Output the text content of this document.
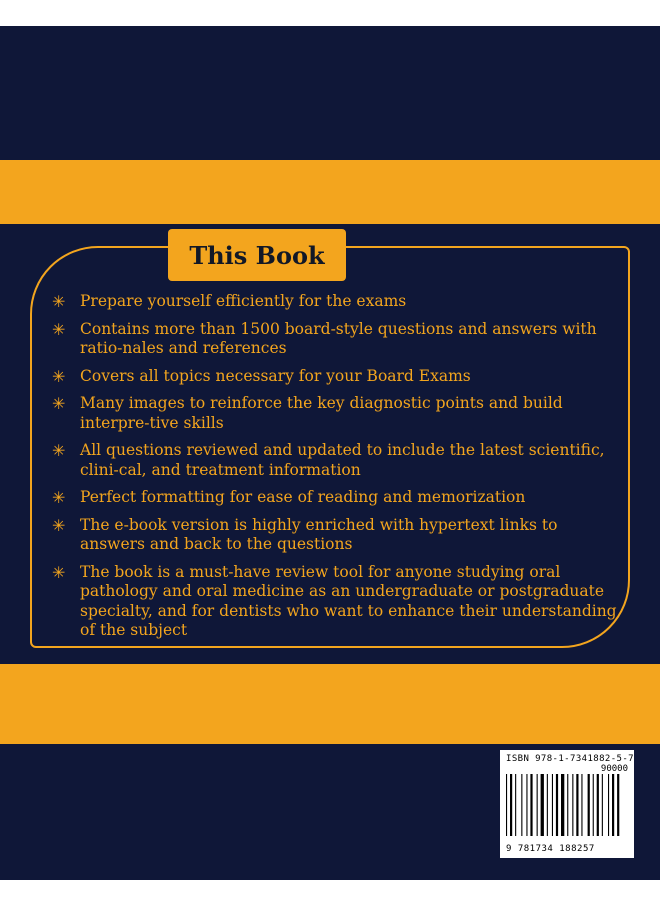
This Book
✳ Prepare yourself efficiently for the exams
✳ Contains more than 1500 board-style questions and answers with ratio-nales and references
✳ Covers all topics necessary for your Board Exams
✳ Many images to reinforce the key diagnostic points and build interpre-tive skills
✳ All questions reviewed and updated to include the latest scientific, clini-cal, and treatment information
✳ Perfect formatting for ease of reading and memorization
✳ The e-book version is highly enriched with hypertext links to answers and back to the questions
✳ The book is a must-have review tool for anyone studying oral pathology and oral medicine as an undergraduate or postgraduate specialty, and for dentists who want to enhance their understanding of the subject
ISBN 978-1-7341882-5-7
90000
9 781734 188257
